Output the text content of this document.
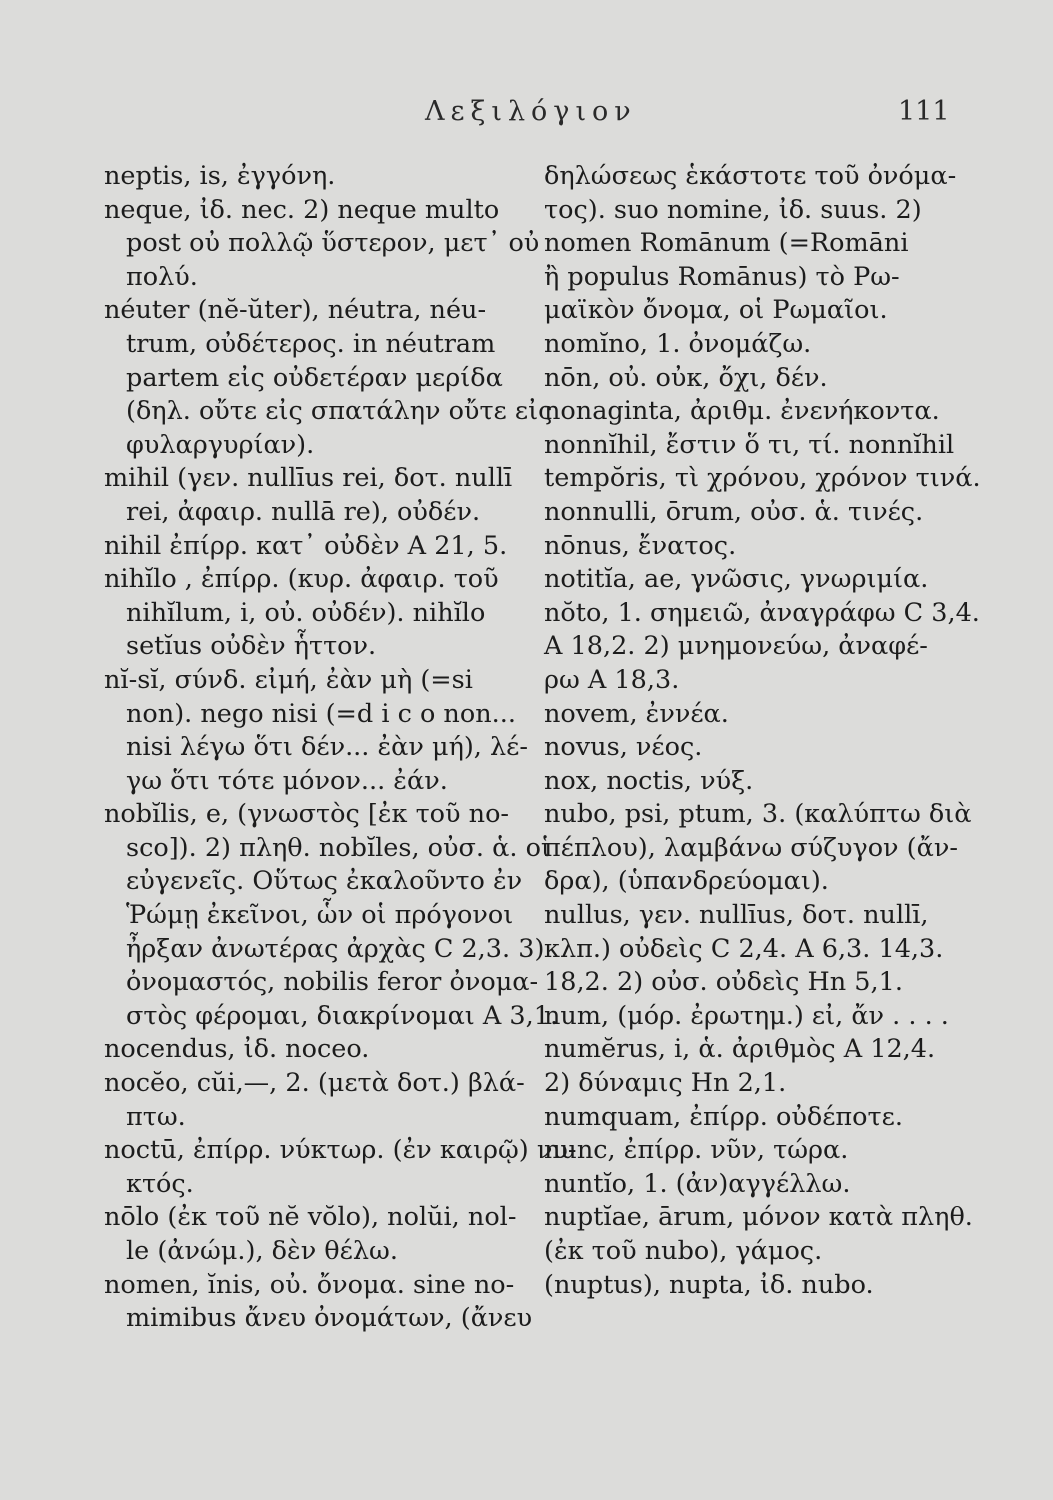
Λεξιλόγιον	111
neptis, is, ἐγγόνη.
neque, ἰδ. nec. 2) neque multo
post οὐ πολλῷ ὕστερον, μετ᾽ οὐ
πολύ.
néuter (nĕ-ŭter), néutra, néu-
trum, οὐδέτερος. in néutram
partem εἰς οὐδετέραν μερίδα
(δηλ. οὔτε εἰς σπατάλην οὔτε εἰς
φυλαργυρίαν).
mihil (γεν. nullīus rei, δοτ. nullī
rei, ἀφαιρ. nullā re), οὐδέν.
nihil ἐπίρρ. κατ᾽ οὐδὲν Α 21, 5.
nihĭlo , ἐπίρρ. (κυρ. ἀφαιρ. τοῦ
nihĭlum, i, οὐ. οὐδέν). nihĭlo
setĭus οὐδὲν ἧττον.
nĭ-sĭ, σύνδ. εἰμή, ἐὰν μὴ (=si
non). nego nisi (=d i c o non...
nisi λέγω ὅτι δέν... ἐὰν μή), λέ-
γω ὅτι τότε μόνον... ἐάν.
nobĭlis, e, (γνωστὸς [ἐκ τοῦ no-
sco]). 2) πληθ. nobĭles, οὐσ. ἁ. οἱ
εὐγενεῖς. Οὕτως ἐκαλοῦντο ἐν
Ῥώμῃ ἐκεῖνοι, ὧν οἱ πρόγονοι
ἦρξαν ἀνωτέρας ἀρχὰς C 2,3. 3)
ὀνομαστός, nobilis feror ὀνομα-
στὸς φέρομαι, διακρίνομαι Α 3,1.
nocendus, ἰδ. noceo.
nocĕo, cŭi,—, 2. (μετὰ δοτ.) βλά-
πτω.
noctū, ἐπίρρ. νύκτωρ. (ἐν καιρῷ) νυ-
κτός.
nōlo (ἐκ τοῦ nĕ vŏlo), nolŭi, nol-
le (ἀνώμ.), δὲν θέλω.
nomen, ĭnis, οὐ. ὄνομα. sine no-
mimibus ἄνευ ὀνομάτων, (ἄνευ
δηλώσεως ἑκάστοτε τοῦ ὀνόμα-
τος). suo nomine, ἰδ. suus. 2)
nomen Romānum (=Romāni
ἢ populus Romānus) τὸ Ρω-
μαϊκὸν ὄνομα, οἱ Ρωμαῖοι.
nomĭno, 1. ὀνομάζω.
nōn, οὐ. οὐκ, ὄχι, δέν.
nonaginta, ἀριθμ. ἐνενήκοντα.
nonnĭhil, ἔστιν ὅ τι, τί. nonnĭhil
tempŏris, τὶ χρόνου, χρόνον τινά.
nonnulli, ōrum, οὐσ. ἁ. τινές.
nōnus, ἔνατος.
notitĭa, ae, γνῶσις, γνωριμία.
nŏto, 1. σημειῶ, ἀναγράφω C 3,4.
Α 18,2. 2) μνημονεύω, ἀναφέ-
ρω Α 18,3.
novem, ἐννέα.
novus, νέος.
nox, noctis, νύξ.
nubo, psi, ptum, 3. (καλύπτω διὰ
πέπλου), λαμβάνω σύζυγον (ἄν-
δρα), (ὑπανδρεύομαι).
nullus, γεν. nullīus, δοτ. nullī,
κλπ.) οὐδεὶς C 2,4. Α 6,3. 14,3.
18,2. 2) οὐσ. οὐδεὶς Hn 5,1.
num, (μόρ. ἐρωτημ.) εἰ, ἄν . . . .
numĕrus, i, ἁ. ἀριθμὸς Α 12,4.
2) δύναμις Hn 2,1.
numquam, ἐπίρρ. οὐδέποτε.
nunc, ἐπίρρ. νῦν, τώρα.
nuntĭo, 1. (ἀν)αγγέλλω.
nuptĭae, ārum, μόνον κατὰ πληθ.
(ἐκ τοῦ nubo), γάμος.
(nuptus), nupta, ἰδ. nubo.
